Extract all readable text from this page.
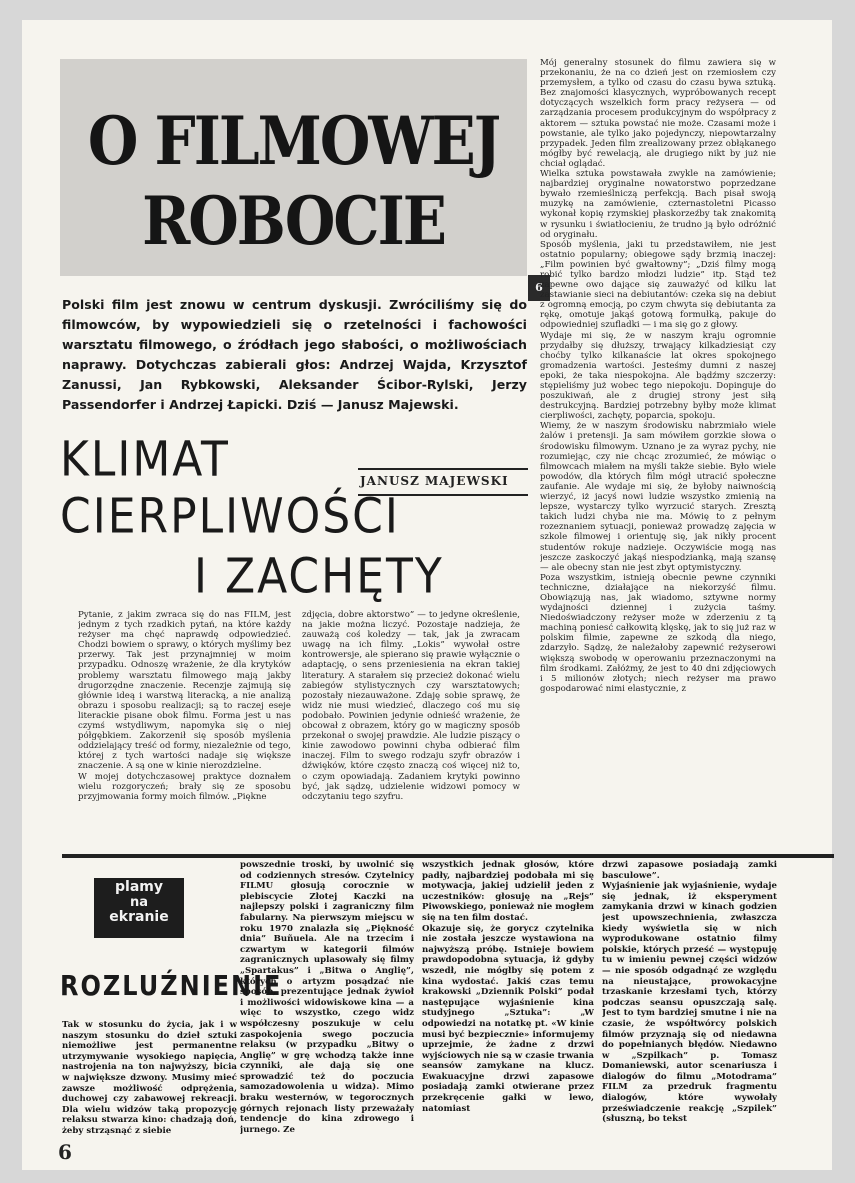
O FILMOWEJ
ROBOCIE
6
Polski film jest znowu w centrum dyskusji. Zwróciliśmy się do filmowców, by wypowiedzieli się o rzetelności i fachowości warsztatu filmowego, o źródłach jego słabości, o możliwościach naprawy. Dotychczas zabierali głos: Andrzej Wajda, Krzysztof Zanussi, Jan Rybkowski, Aleksander Ścibor-Rylski, Jerzy Passendorfer i Andrzej Łapicki. Dziś — Janusz Majewski.
KLIMAT	JANUSZ MAJEWSKI
CIERPLIWOŚCI
I ZACHĘTY
Pytanie, z jakim zwraca się do nas FILM, jest jednym z tych rzadkich pytań, na które każdy reżyser ma chęć naprawdę odpowiedzieć. Chodzi bowiem o sprawy, o których myślimy bez przerwy. Tak jest przynajmniej w moim przypadku. Odnoszę wrażenie, że dla krytyków problemy warsztatu filmowego mają jakby drugorzędne znaczenie. Recenzje zajmują się głównie ideą i warstwą literacką, a nie analizą obrazu i sposobu realizacji; są to raczej eseje literackie pisane obok filmu. Forma jest u nas czymś wstydliwym, napomyka się o niej półgębkiem. Zakorzenił się sposób myślenia oddzielający treść od formy, niezależnie od tego, której z tych wartości nadaje się większe znaczenie. A są one w kinie nierozdzielne.
W mojej dotychczasowej praktyce doznałem wielu rozgoryczeń; brały się ze sposobu przyjmowania formy moich filmów. „Piękne
zdjęcia, dobre aktorstwo” — to jedyne określenie, na jakie można liczyć. Pozostaje nadzieja, że zauważą coś koledzy — tak, jak ja zwracam uwagę na ich filmy. „Lokis” wywołał ostre kontrowersje, ale spierano się prawie wyłącznie o adaptację, o sens przeniesienia na ekran takiej literatury. A starałem się przecież dokonać wielu zabiegów stylistycznych czy warsztatowych; pozostały niezauważone. Zdaję sobie sprawę, że widz nie musi wiedzieć, dlaczego coś mu się podobało. Powinien jedynie odnieść wrażenie, że obcował z obrazem, który go w magiczny sposób przekonał o swojej prawdzie. Ale ludzie piszący o kinie zawodowo powinni chyba odbierać film inaczej. Film to swego rodzaju szyfr obrazów i dźwięków, które często znaczą coś więcej niż to, o czym opowiadają. Zadaniem krytyki powinno być, jak sądzę, udzielenie widzowi pomocy w odczytaniu tego szyfru.
Mój generalny stosunek do filmu zawiera się w przekonaniu, że na co dzień jest on rzemiosłem czy przemysłem, a tylko od czasu do czasu bywa sztuką. Bez znajomości klasycznych, wypróbowanych recept dotyczących wszelkich form pracy reżysera — od zarządzania procesem produkcyjnym do współpracy z aktorem — sztuka powstać nie może. Czasami może i powstanie, ale tylko jako pojedynczy, niepowtarzalny przypadek. Jeden film zrealizowany przez obłąkanego mógłby być rewelacją, ale drugiego nikt by już nie chciał oglądać.
Wielka sztuka powstawała zwykle na zamówienie; najbardziej oryginalne nowatorstwo poprzedzane bywało rzemieślniczą perfekcją. Bach pisał swoją muzykę na zamówienie, czternastoletni Picasso wykonał kopię rzymskiej płaskorzeźby tak znakomitą w rysunku i światłocieniu, że trudno ją było odróżnić od oryginału.
Sposób myślenia, jaki tu przedstawiłem, nie jest ostatnio popularny; obiegowe sądy brzmią inaczej: „Film powinien być gwałtowny”; „Dziś filmy mogą robić tylko bardzo młodzi ludzie” itp. Stąd też zapewne owo dające się zauważyć od kilku lat zastawianie sieci na debiutantów: czeka się na debiut z ogromną emocją, po czym chwyta się debiutanta za rękę, omotuje jakąś gotową formułką, pakuje do odpowiedniej szufladki — i ma się go z głowy.
Wydaje mi się, że w naszym kraju ogromnie przydałby się dłuższy, trwający kilkadziesiąt czy choćby tylko kilkanaście lat okres spokojnego gromadzenia wartości. Jesteśmy dumni z naszej epoki, że taka niespokojna. Ale bądźmy szczerzy: stępieliśmy już wobec tego niepokoju. Dopinguje do poszukiwań, ale z drugiej strony jest siłą destrukcyjną. Bardziej potrzebny byłby może klimat cierpliwości, zachęty, poparcia, spokoju.
Wiemy, że w naszym środowisku nabrzmiało wiele żalów i pretensji. Ja sam mówiłem gorzkie słowa o środowisku filmowym. Uznano je za wyraz pychy, nie rozumiejąc, czy nie chcąc zrozumieć, że mówiąc o filmowcach miałem na myśli także siebie. Było wiele powodów, dla których film mógł utracić społeczne zaufanie. Ale wydaje mi się, że byłoby naiwnością wierzyć, iż jacyś nowi ludzie wszystko zmienią na lepsze, wystarczy tylko wyrzucić starych. Zresztą takich ludzi chyba nie ma. Mówię to z pełnym rozeznaniem sytuacji, ponieważ prowadzę zajęcia w szkole filmowej i orientuję się, jak nikły procent studentów rokuje nadzieje. Oczywiście mogą nas jeszcze zaskoczyć jakąś niespodzianką, mają szansę — ale obecny stan nie jest zbyt optymistyczny.
Poza wszystkim, istnieją obecnie pewne czynniki techniczne, działające na niekorzyść filmu. Obowiązują nas, jak wiadomo, sztywne normy wydajności dziennej i zużycia taśmy. Niedoświadczony reżyser może w zderzeniu z tą machiną poniesć całkowitą klęskę, jak to się już raz w polskim filmie, zapewne ze szkodą dla niego, zdarzyło. Sądzę, że należałoby zapewnić reżyserowi większą swobodę w operowaniu przeznaczonymi na film środkami. Załóżmy, że jest to 40 dni zdjęciowych i 5 milionów złotych; niech reżyser ma prawo gospodarować nimi elastycznie, z
plamy
na
ekranie
ROZLUŹNIENIE
Tak w stosunku do życia, jak i w naszym stosunku do dzieł sztuki niemożliwe jest permanentne utrzymywanie wysokiego napięcia, nastrojenia na ton najwyższy, bicia w największe dzwony. Musimy mieć zawsze możliwość odprężenia, duchowej czy zabawowej rekreacji. Dla wielu widzów taką propozycję relaksu stwarza kino: chadzają doń, żeby strząsnąć z siebie
powszednie troski, by uwolnić się od codziennych stresów. Czytelnicy FILMU głosują corocznie w plebiscycie Złotej Kaczki na najlepszy polski i zagraniczny film fabularny. Na pierwszym miejscu w roku 1970 znalazła się „Piękność dnia” Buñuela. Ale na trzecim i czwartym w kategorii filmów zagranicznych uplasowały się filmy „Spartakus” i „Bitwa o Anglię”, których o artyzm posądzać nie sposób, prezentujące jednak żywioł i możliwości widowiskowe kina — a więc to wszystko, czego widz współczesny poszukuje w celu zaspokojenia swego poczucia relaksu (w przypadku „Bitwy o Anglię” w grę wchodzą także inne czynniki, ale dają się one sprowadzić też do poczucia samozadowolenia u widza). Mimo braku westernów, w tegorocznych górnych rejonach listy przeważały tendencje do kina zdrowego i jurnego. Ze
wszystkich jednak głosów, które padły, najbardziej podobała mi się motywacja, jakiej udzielił jeden z uczestników: głosuję na „Rejs” Piwowskiego, ponieważ nie mogłem się na ten film dostać.
Okazuje się, że gorycz czytelnika nie została jeszcze wystawiona na najwyższą próbę. Istnieje bowiem prawdopodobna sytuacja, iż gdyby wszedł, nie mógłby się potem z kina wydostać. Jakiś czas temu krakowski „Dziennik Polski” podał następujące wyjaśnienie kina studyjnego „Sztuka”: „W odpowiedzi na notatkę pt. «W kinie musi być bezpiecznie» informujemy uprzejmie, że żadne z drzwi wyjściowych nie są w czasie trwania seansów zamykane na klucz. Ewakuacyjne drzwi zapasowe posiadają zamki otwierane przez przekręcenie gałki w lewo, natomiast
drzwi zapasowe posiadają zamki basculowe”.
Wyjaśnienie jak wyjaśnienie, wydaje się jednak, iż eksperyment zamykania drzwi w kinach godzien jest upowszechnienia, zwłaszcza kiedy wyświetla się w nich wyprodukowane ostatnio filmy polskie, których prześć — występuję tu w imieniu pewnej części widzów — nie sposób odgadnąć ze względu na nieustające, prowokacyjne trzaskanie krzesłami tych, którzy podczas seansu opuszczają salę. Jest to tym bardziej smutne i nie na czasie, że współtwórcy polskich filmów przyznają się od niedawna do popełnianych błędów. Niedawno w „Szpilkach” p. Tomasz Domaniewski, autor scenariusza i dialogów do filmu „Motodrama” FILM za przedruk fragmentu dialogów, które wywołały przeświadczenie reakcję „Szpilek” (słuszną, bo tekst
6
